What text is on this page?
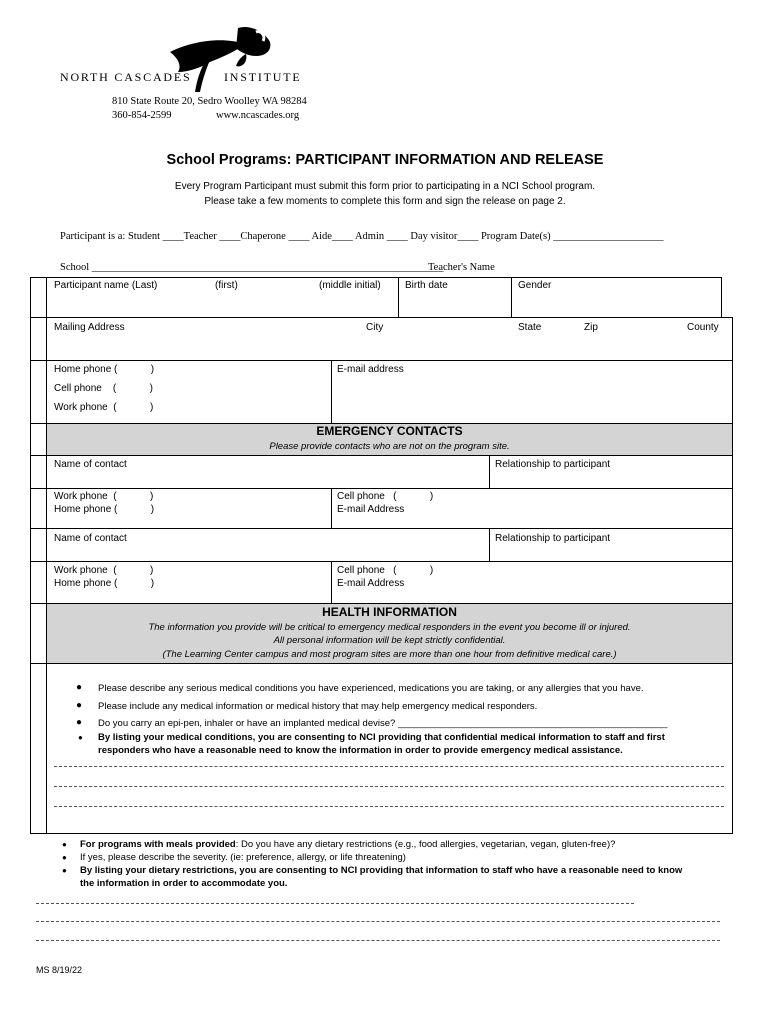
NORTH CASCADES	INSTITUTE
810 State Route 20, Sedro Woolley WA 98284
360-854-2599	www.ncascades.org
School Programs: PARTICIPANT INFORMATION AND RELEASE
Every Program Participant must submit this form prior to participating in a NCI School program.
Please take a few moments to complete this form and sign the release on page 2.
Participant is a: Student ____Teacher ____Chaperone ____ Aide____ Admin ____ Day visitor____ Program Date(s) _____________________
School ___________________________________________________________________
Teacher's Name
Participant name (Last)	(first)	(middle initial) Birth date	Gender
Mailing Address	City	State	Zip	County
Home phone (            )	E-mail address
Cell phone    (            )
Work phone  (            )
EMERGENCY CONTACTS
Please provide contacts who are not on the program site.
Name of contact	Relationship to participant
Work phone  (            )
Home phone (            )
Cell phone   (            )
E-mail Address
Name of contact	Relationship to participant
Work phone  (            )
Home phone (            )
Cell phone   (            )
E-mail Address
HEALTH INFORMATION
The information you provide will be critical to emergency medical responders in the event you become ill or injured.
All personal information will be kept strictly confidential.
(The Learning Center campus and most program sites are more than one hour from definitive medical care.)
● Please describe any serious medical conditions you have experienced, medications you are taking, or any allergies that you have.
● Please include any medical information or medical history that may help emergency medical responders.
● Do you carry an epi-pen, inhaler or have an implanted medical devise? ___________________________________________________
● By listing your medical conditions, you are consenting to NCI providing that confidential medical information to staff and first
responders who have a reasonable need to know the information in order to provide emergency medical assistance.
● For programs with meals provided: Do you have any dietary restrictions (e.g., food allergies, vegetarian, vegan, gluten-free)?
● If yes, please describe the severity. (ie: preference, allergy, or life threatening)
● By listing your dietary restrictions, you are consenting to NCI providing that information to staff who have a reasonable need to know
the information in order to accommodate you.
MS 8/19/22
